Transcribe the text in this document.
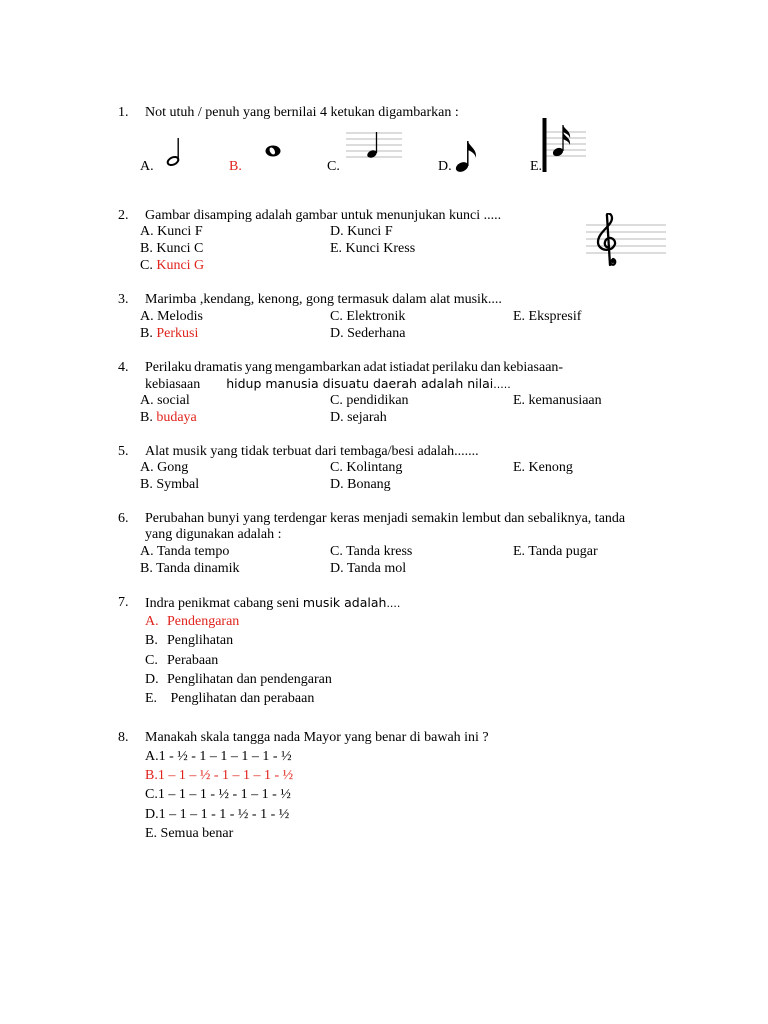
1. Not utuh / penuh yang bernilai 4 ketukan digambarkan :
A.	B.	C.	D.	E.
2. Gambar disamping adalah gambar untuk menunjukan kunci .....
A. Kunci F	D. Kunci F
B. Kunci C	E. Kunci Kress
C. Kunci G
3. Marimba ,kendang, kenong, gong termasuk dalam alat musik....
A. Melodis	C. Elektronik	E. Ekspresif
B. Perkusi	D. Sederhana
4. Perilaku dramatis yang mengambarkan adat istiadat perilaku dan kebiasaan-
kebiasaan hidup manusia disuatu daerah adalah nilai.....
A. social	C. pendidikan	E. kemanusiaan
B. budaya	D. sejarah
5. Alat musik yang tidak terbuat dari tembaga/besi adalah.......
A. Gong	C. Kolintang	E. Kenong
B. Symbal	D. Bonang
6. Perubahan bunyi yang terdengar keras menjadi semakin lembut dan sebaliknya, tanda
yang digunakan adalah :
A. Tanda tempo	C. Tanda kress	E. Tanda pugar
B. Tanda dinamik	D. Tanda mol
7. Indra penikmat cabang seni musik adalah....
A. Pendengaran
B. Penglihatan
C. Perabaan
D. Penglihatan dan pendengaran
E. Penglihatan dan perabaan
8. Manakah skala tangga nada Mayor yang benar di bawah ini ?
A.1 - ½ - 1 – 1 – 1 – 1 - ½
B.1 – 1 – ½ - 1 – 1 – 1 - ½
C.1 – 1 – 1 - ½ - 1 – 1 - ½
D.1 – 1 – 1 - 1 - ½ - 1 - ½
E. Semua benar
